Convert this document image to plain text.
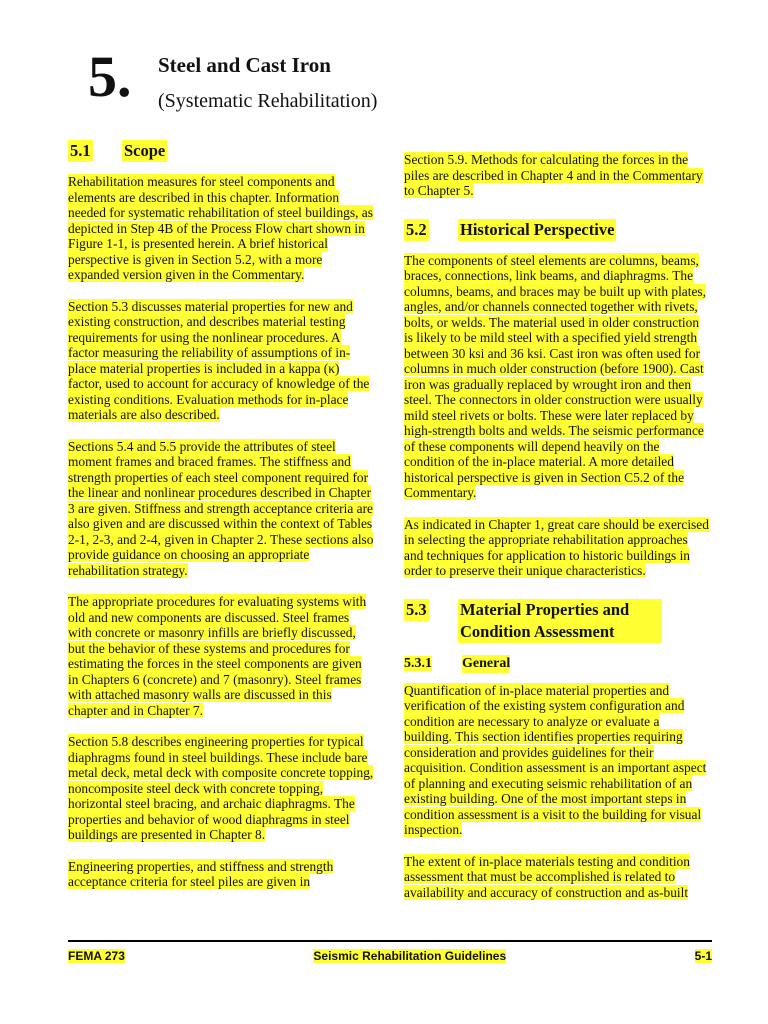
5. Steel and Cast Iron
(Systematic Rehabilitation)
5.1	Scope

Rehabilitation measures for steel components and elements are described in this chapter. Information needed for systematic rehabilitation of steel buildings, as depicted in Step 4B of the Process Flow chart shown in Figure 1-1, is presented herein. A brief historical perspective is given in Section 5.2, with a more expanded version given in the Commentary.

Section 5.3 discusses material properties for new and existing construction, and describes material testing requirements for using the nonlinear procedures. A factor measuring the reliability of assumptions of in-place material properties is included in a kappa (κ) factor, used to account for accuracy of knowledge of the existing conditions. Evaluation methods for in-place materials are also described.

Sections 5.4 and 5.5 provide the attributes of steel moment frames and braced frames. The stiffness and strength properties of each steel component required for the linear and nonlinear procedures described in Chapter 3 are given. Stiffness and strength acceptance criteria are also given and are discussed within the context of Tables 2-1, 2-3, and 2-4, given in Chapter 2. These sections also provide guidance on choosing an appropriate rehabilitation strategy.

The appropriate procedures for evaluating systems with old and new components are discussed. Steel frames with concrete or masonry infills are briefly discussed, but the behavior of these systems and procedures for estimating the forces in the steel components are given in Chapters 6 (concrete) and 7 (masonry). Steel frames with attached masonry walls are discussed in this chapter and in Chapter 7.

Section 5.8 describes engineering properties for typical diaphragms found in steel buildings. These include bare metal deck, metal deck with composite concrete topping, noncomposite steel deck with concrete topping, horizontal steel bracing, and archaic diaphragms. The properties and behavior of wood diaphragms in steel buildings are presented in Chapter 8.

Engineering properties, and stiffness and strength acceptance criteria for steel piles are given in

Section 5.9. Methods for calculating the forces in the piles are described in Chapter 4 and in the Commentary to Chapter 5.

5.2	Historical Perspective

The components of steel elements are columns, beams, braces, connections, link beams, and diaphragms. The columns, beams, and braces may be built up with plates, angles, and/or channels connected together with rivets, bolts, or welds. The material used in older construction is likely to be mild steel with a specified yield strength between 30 ksi and 36 ksi. Cast iron was often used for columns in much older construction (before 1900). Cast iron was gradually replaced by wrought iron and then steel. The connectors in older construction were usually mild steel rivets or bolts. These were later replaced by high-strength bolts and welds. The seismic performance of these components will depend heavily on the condition of the in-place material. A more detailed historical perspective is given in Section C5.2 of the Commentary.

As indicated in Chapter 1, great care should be exercised in selecting the appropriate rehabilitation approaches and techniques for application to historic buildings in order to preserve their unique characteristics.

5.3	Material Properties and Condition Assessment
5.3.1	General

Quantification of in-place material properties and verification of the existing system configuration and condition are necessary to analyze or evaluate a building. This section identifies properties requiring consideration and provides guidelines for their acquisition. Condition assessment is an important aspect of planning and executing seismic rehabilitation of an existing building. One of the most important steps in condition assessment is a visit to the building for visual inspection.

The extent of in-place materials testing and condition assessment that must be accomplished is related to availability and accuracy of construction and as-built

FEMA 273	Seismic Rehabilitation Guidelines	5-1
